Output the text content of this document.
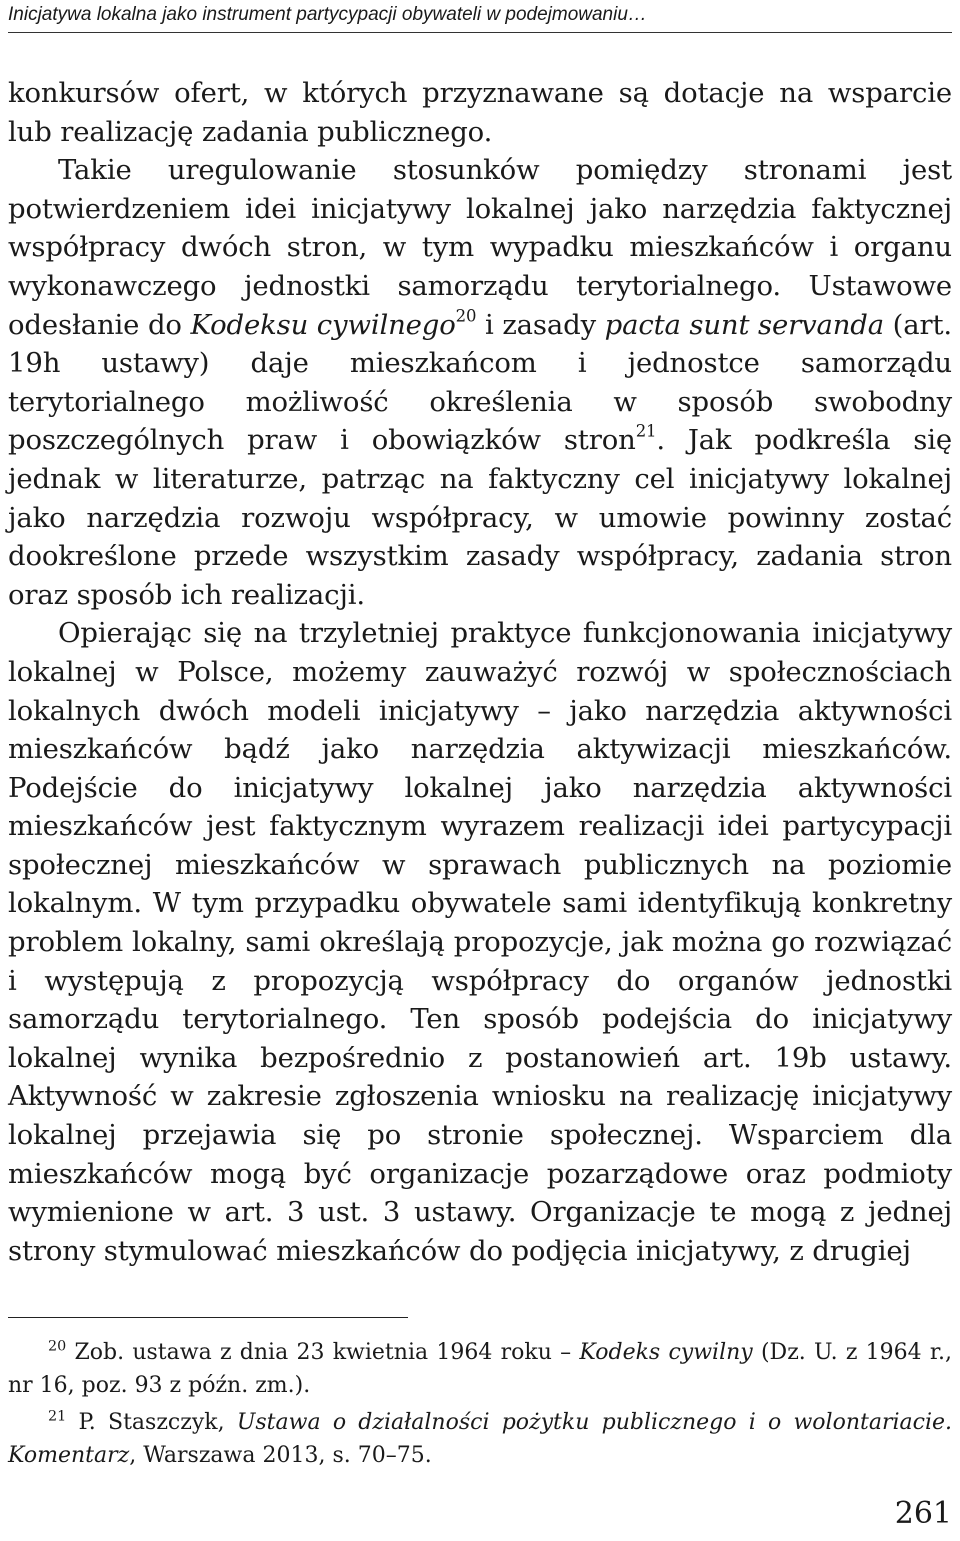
Inicjatywa lokalna jako instrument partycypacji obywateli w podejmowaniu…

konkursów ofert, w których przyznawane są dotacje na wsparcie lub realizację zadania publicznego.

Takie uregulowanie stosunków pomiędzy stronami jest potwierdzeniem idei inicjatywy lokalnej jako narzędzia faktycznej współpracy dwóch stron, w tym wypadku mieszkańców i organu wykonawczego jednostki samorządu terytorialnego. Ustawowe odesłanie do Kodeksu cywilnego$^{20}$ i zasady pacta sunt servanda (art. 19h ustawy) daje mieszkańcom i jednostce samorządu terytorialnego możliwość określenia w sposób swobodny poszczególnych praw i obowiązków stron$^{21}$. Jak podkreśla się jednak w literaturze, patrząc na faktyczny cel inicjatywy lokalnej jako narzędzia rozwoju współpracy, w umowie powinny zostać dookreślone przede wszystkim zasady współpracy, zadania stron oraz sposób ich realizacji.

Opierając się na trzyletniej praktyce funkcjonowania inicjatywy lokalnej w Polsce, możemy zauważyć rozwój w społecznościach lokalnych dwóch modeli inicjatywy – jako narzędzia aktywności mieszkańców bądź jako narzędzia aktywizacji mieszkańców. Podejście do inicjatywy lokalnej jako narzędzia aktywności mieszkańców jest faktycznym wyrazem realizacji idei partycypacji społecznej mieszkańców w sprawach publicznych na poziomie lokalnym. W tym przypadku obywatele sami identyfikują konkretny problem lokalny, sami określają propozycje, jak można go rozwiązać i występują z propozycją współpracy do organów jednostki samorządu terytorialnego. Ten sposób podejścia do inicjatywy lokalnej wynika bezpośrednio z postanowień art. 19b ustawy. Aktywność w zakresie zgłoszenia wniosku na realizację inicjatywy lokalnej przejawia się po stronie społecznej. Wsparciem dla mieszkańców mogą być organizacje pozarządowe oraz podmioty wymienione w art. 3 ust. 3 ustawy. Organizacje te mogą z jednej strony stymulować mieszkańców do podjęcia inicjatywy, z drugiej

$^{20}$ Zob. ustawa z dnia 23 kwietnia 1964 roku – Kodeks cywilny (Dz. U. z 1964 r., nr 16, poz. 93 z późn. zm.).

$^{21}$ P. Staszczyk, Ustawa o działalności pożytku publicznego i o wolontariacie. Komentarz, Warszawa 2013, s. 70–75.

261
